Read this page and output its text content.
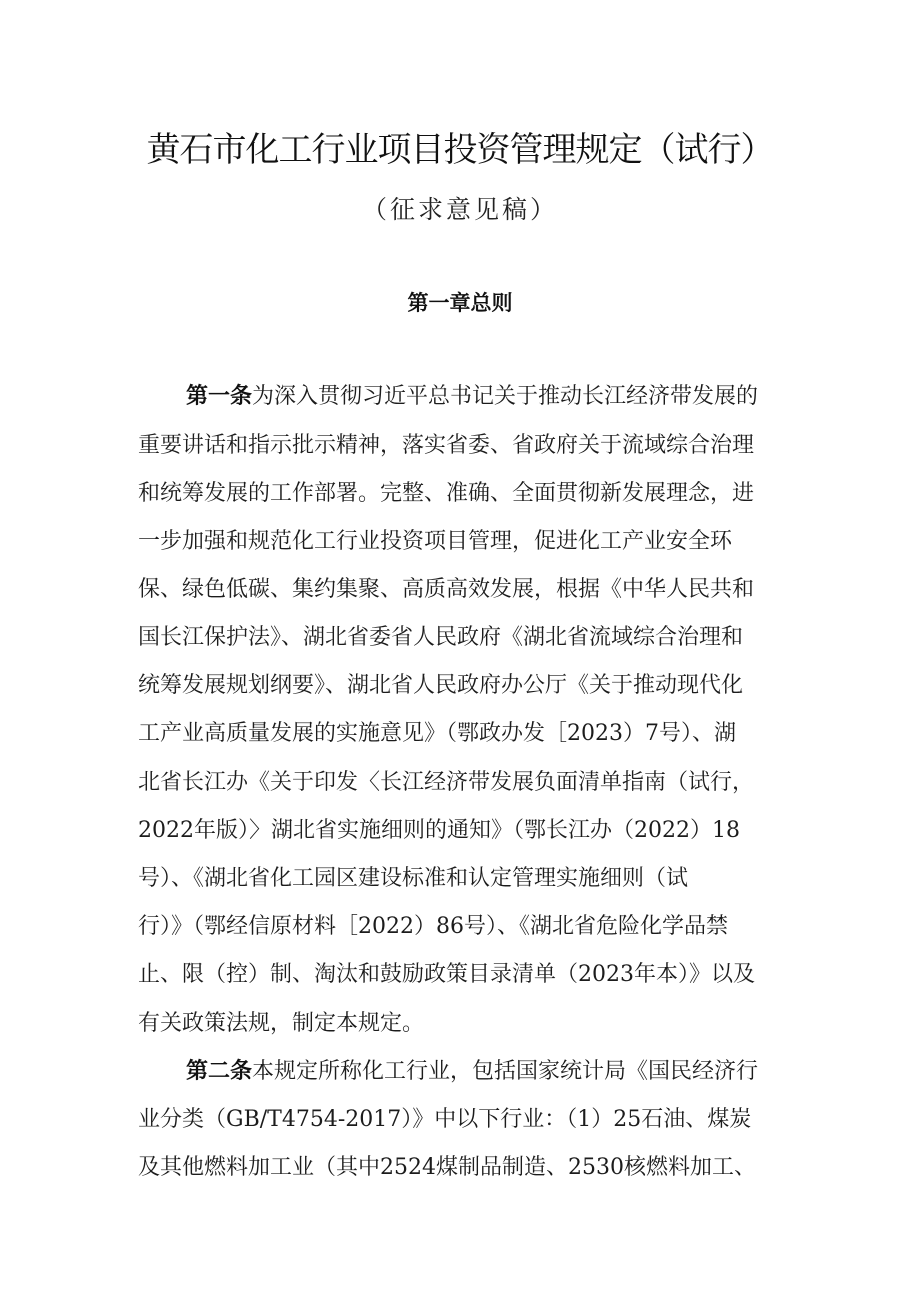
黄石市化工行业项目投资管理规定（试行）
（征求意见稿）
第一章总则

第一条为深入贯彻习近平总书记关于推动长江经济带发展的

重要讲话和指示批示精神，落实省委、省政府关于流域综合治理

和统筹发展的工作部署。完整、准确、全面贯彻新发展理念，进

一步加强和规范化工行业投资项目管理，促进化工产业安全环

保、绿色低碳、集约集聚、高质高效发展，根据《中华人民共和

国长江保护法》、湖北省委省人民政府《湖北省流域综合治理和

统筹发展规划纲要》、湖北省人民政府办公厅《关于推动现代化

工产业高质量发展的实施意见》（鄂政办发［2023）7号）、湖

北省长江办《关于印发〈长江经济带发展负面清单指南（试行，

2022年版）〉湖北省实施细则的通知》（鄂长江办（2022）18

号）、《湖北省化工园区建设标准和认定管理实施细则（试

行）》（鄂经信原材料［2022）86号）、《湖北省危险化学品禁

止、限（控）制、淘汰和鼓励政策目录清单（2023年本）》以及

有关政策法规，制定本规定。

第二条本规定所称化工行业，包括国家统计局《国民经济行

业分类（GB/T4754-2017）》中以下行业：（1）25石油、煤炭

及其他燃料加工业（其中2524煤制品制造、2530核燃料加工、
